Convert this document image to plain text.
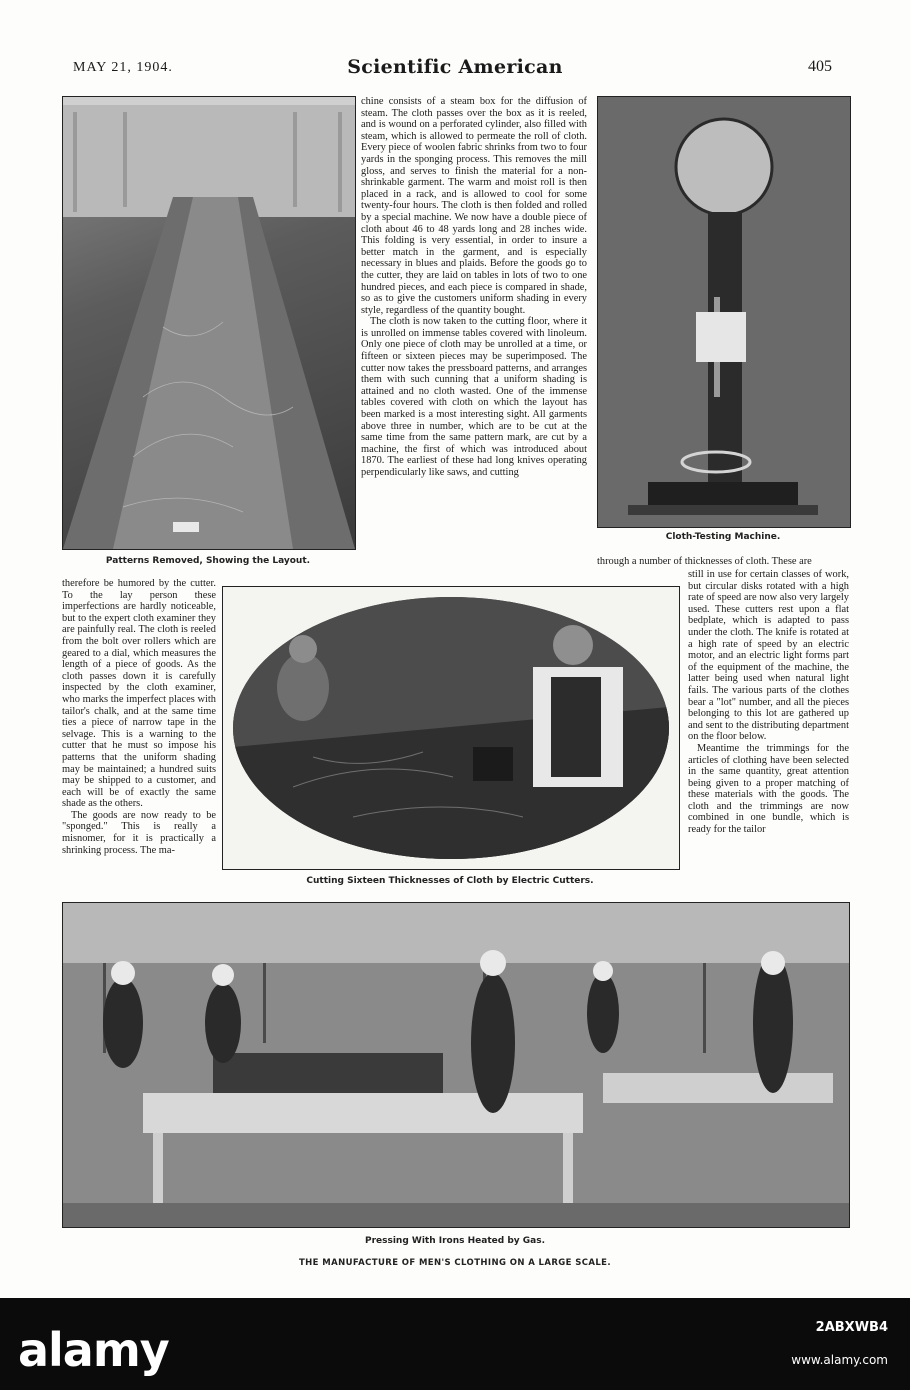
MAY 21, 1904.	Scientific American	405
Patterns Removed, Showing the Layout.

chine consists of a steam box for the diffusion of steam. The cloth passes over the box as it is reeled, and is wound on a perforated cylinder, also filled with steam, which is allowed to permeate the roll of cloth. Every piece of woolen fabric shrinks from two to four yards in the sponging process. This removes the mill gloss, and serves to finish the material for a non-shrinkable garment. The warm and moist roll is then placed in a rack, and is allowed to cool for some twenty-four hours. The cloth is then folded and rolled by a special machine. We now have a double piece of cloth about 46 to 48 yards long and 28 inches wide. This folding is very essential, in order to insure a better match in the garment, and is especially necessary in blues and plaids. Before the goods go to the cutter, they are laid on tables in lots of two to one hundred pieces, and each piece is compared in shade, so as to give the customers uniform shading in every style, regardless of the quantity bought.

The cloth is now taken to the cutting floor, where it is unrolled on immense tables covered with linoleum. Only one piece of cloth may be unrolled at a time, or fifteen or sixteen pieces may be superimposed. The cutter now takes the pressboard patterns, and arranges them with such cunning that a uniform shading is attained and no cloth wasted. One of the immense tables covered with cloth on which the layout has been marked is a most interesting sight. All garments above three in number, which are to be cut at the same time from the same pattern mark, are cut by a machine, the first of which was introduced about 1870. The earliest of these had long knives operating perpendicularly like saws, and cutting

Cloth-Testing Machine.

therefore be humored by the cutter. To the lay person these imperfections are hardly noticeable, but to the expert cloth examiner they are painfully real. The cloth is reeled from the bolt over rollers which are geared to a dial, which measures the length of a piece of goods. As the cloth passes down it is carefully inspected by the cloth examiner, who marks the imperfect places with tailor's chalk, and at the same time ties a piece of narrow tape in the selvage. This is a warning to the cutter that he must so impose his patterns that the uniform shading may be maintained; a hundred suits may be shipped to a customer, and each will be of exactly the same shade as the others.

The goods are now ready to be "sponged." This is really a misnomer, for it is practically a shrinking process. The ma-

Cutting Sixteen Thicknesses of Cloth by Electric Cutters.

through a number of thicknesses of cloth. These are

still in use for certain classes of work, but circular disks rotated with a high rate of speed are now also very largely used. These cutters rest upon a flat bedplate, which is adapted to pass under the cloth. The knife is rotated at a high rate of speed by an electric motor, and an electric light forms part of the equipment of the machine, the latter being used when natural light fails. The various parts of the clothes bear a "lot" number, and all the pieces belonging to this lot are gathered up and sent to the distributing department on the floor below.

Meantime the trimmings for the articles of clothing have been selected in the same quantity, great attention being given to a proper matching of these materials with the goods. The cloth and the trimmings are now combined in one bundle, which is ready for the tailor

Pressing With Irons Heated by Gas.
THE MANUFACTURE OF MEN'S CLOTHING ON A LARGE SCALE.
alamy	2ABXWB4
www.alamy.com
